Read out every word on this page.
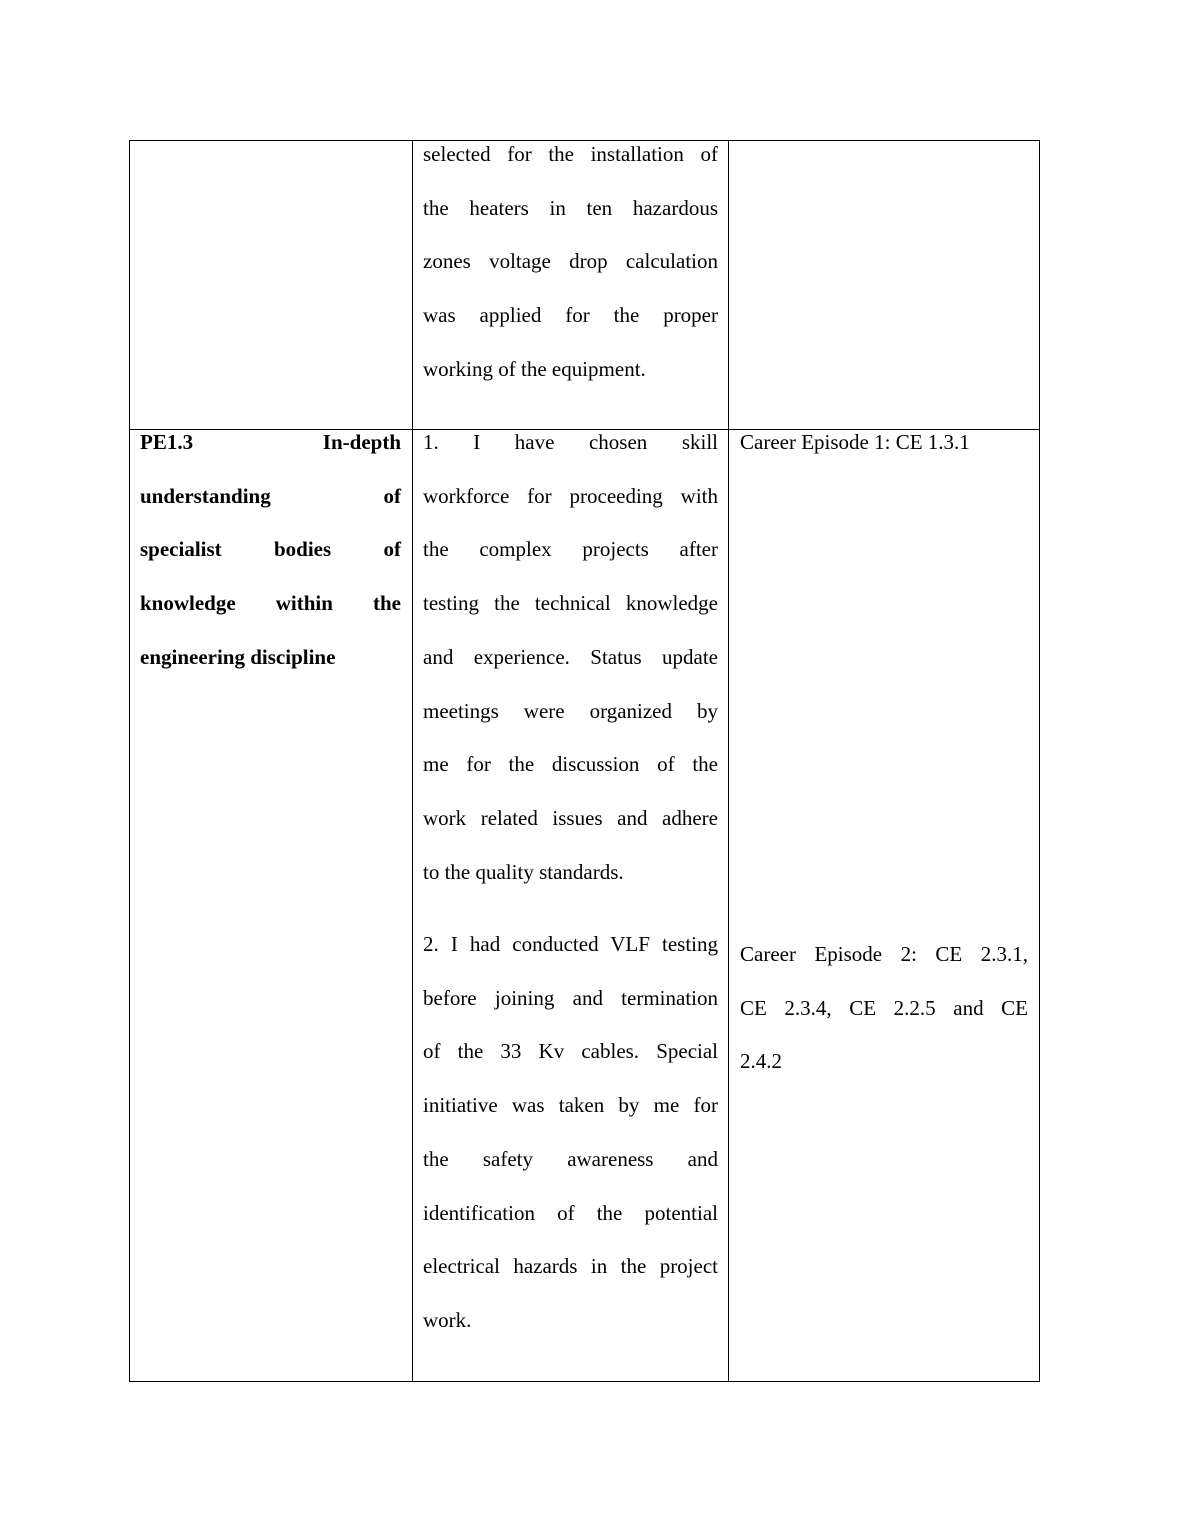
selected for the installation of
the heaters in ten hazardous
zones voltage drop calculation
was applied for the proper
working of the equipment.
PE1.3 In-depth
understanding of
specialist bodies of
knowledge within the
engineering discipline
1. I have chosen skill
workforce for proceeding with
the complex projects after
testing the technical knowledge
and experience. Status update
meetings were organized by
me for the discussion of the
work related issues and adhere
to the quality standards.
2. I had conducted VLF testing
before joining and termination
of the 33 Kv cables. Special
initiative was taken by me for
the safety awareness and
identification of the potential
electrical hazards in the project
work.
Career Episode 1: CE 1.3.1
Career Episode 2: CE 2.3.1,
CE 2.3.4, CE 2.2.5 and CE
2.4.2
